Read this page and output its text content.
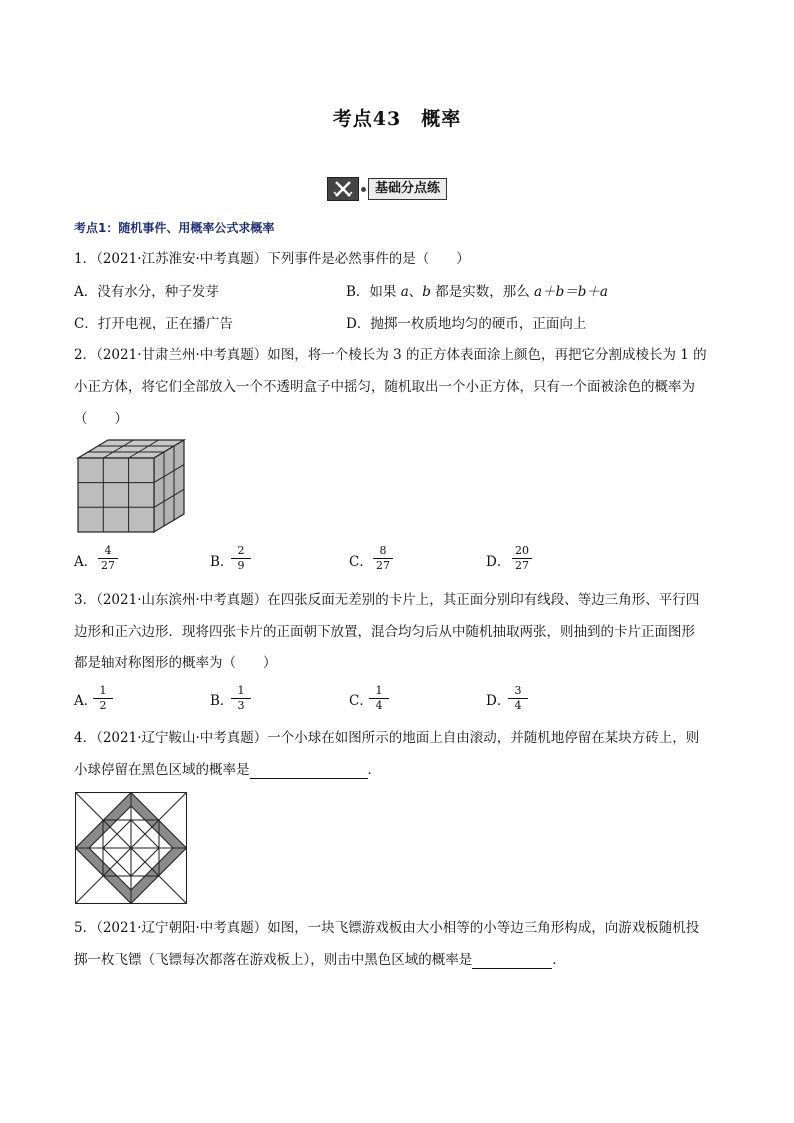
考点43　概率
基础分点练
考点1：随机事件、用概率公式求概率
1．（2021·江苏淮安·中考真题）下列事件是必然事件的是（　　）
A．没有水分，种子发芽	B．如果 a、b 都是实数，那么 a＋b＝b＋a
C．打开电视，正在播广告	D．抛掷一枚质地均匀的硬币，正面向上
2．（2021·甘肃兰州·中考真题）如图，将一个棱长为 3 的正方体表面涂上颜色，再把它分割成棱长为 1 的
小正方体，将它们全部放入一个不透明盒子中摇匀，随机取出一个小正方体，只有一个面被涂色的概率为
（　　）
A．
4
27	B．
2
9	C．
8
27	D．
20
27
3．（2021·山东滨州·中考真题）在四张反面无差别的卡片上，其正面分别印有线段、等边三角形、平行四
边形和正六边形．现将四张卡片的正面朝下放置，混合均匀后从中随机抽取两张，则抽到的卡片正面图形
都是轴对称图形的概率为（　　）
A．
1
2	B．
1
3	C．
1
4	D．
3
4
4．（2021·辽宁鞍山·中考真题）一个小球在如图所示的地面上自由滚动，并随机地停留在某块方砖上，则
小球停留在黑色区域的概率是	．
5．（2021·辽宁朝阳·中考真题）如图，一块飞镖游戏板由大小相等的小等边三角形构成，向游戏板随机投
掷一枚飞镖（飞镖每次都落在游戏板上），则击中黑色区域的概率是	．
